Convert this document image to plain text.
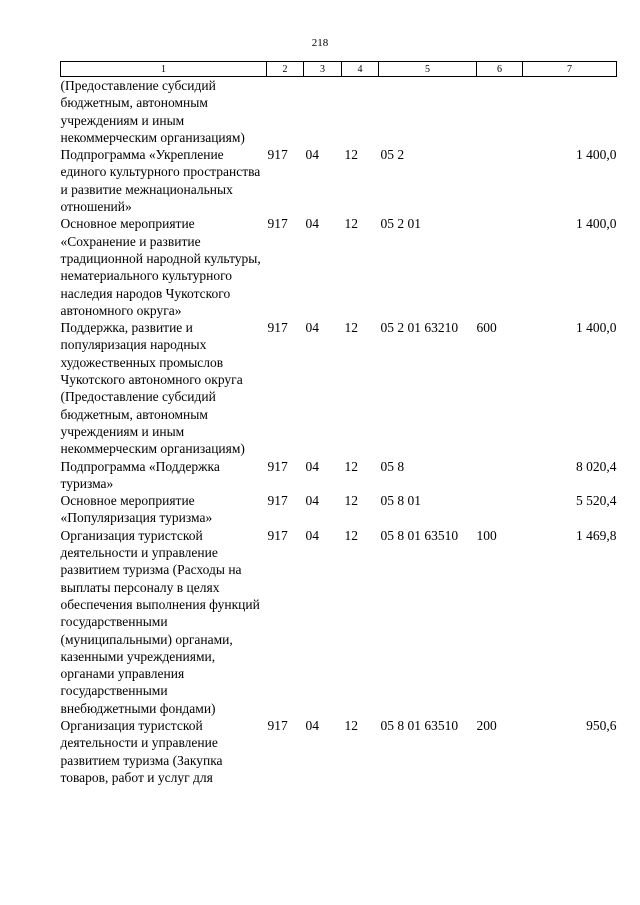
218
1	2	3	4	5	6	7
(Предоставление субсидий бюджетным, автономным учреждениям и иным некоммерческим организациям)						
Подпрограмма «Укрепление единого культурного пространства и развитие межнациональных отношений»	917	04	12	05 2		1 400,0
Основное мероприятие «Сохранение и развитие традиционной народной культуры, нематериального культурного наследия народов Чукотского автономного округа»	917	04	12	05 2 01		1 400,0
Поддержка, развитие и популяризация народных художественных промыслов Чукотского автономного округа (Предоставление субсидий бюджетным, автономным учреждениям и иным некоммерческим организациям)	917	04	12	05 2 01 63210	600	1 400,0
Подпрограмма «Поддержка туризма»	917	04	12	05 8		8 020,4
Основное мероприятие «Популяризация туризма»	917	04	12	05 8 01		5 520,4
Организация туристской деятельности и управление развитием туризма (Расходы на выплаты персоналу в целях обеспечения выполнения функций государственными (муниципальными) органами, казенными учреждениями, органами управления государственными внебюджетными фондами)	917	04	12	05 8 01 63510	100	1 469,8
Организация туристской деятельности и управление развитием туризма (Закупка товаров, работ и услуг для	917	04	12	05 8 01 63510	200	950,6
